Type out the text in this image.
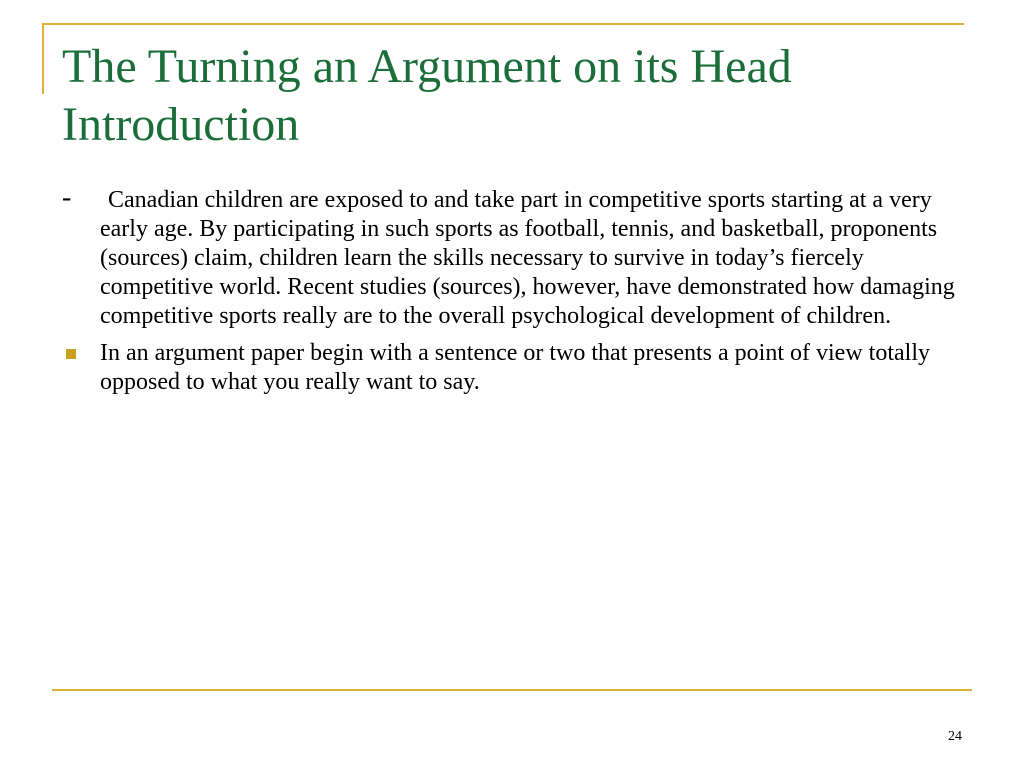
The Turning an Argument on its Head
Introduction
- Canadian children are exposed to and take part in competitive sports starting at a very early age. By participating in such sports as football, tennis, and basketball, proponents (sources) claim, children learn the skills necessary to survive in today’s fiercely competitive world. Recent studies (sources), however, have demonstrated how damaging competitive sports really are to the overall psychological development of children.
In an argument paper begin with a sentence or two that presents a point of view totally opposed to what you really want to say.
24
